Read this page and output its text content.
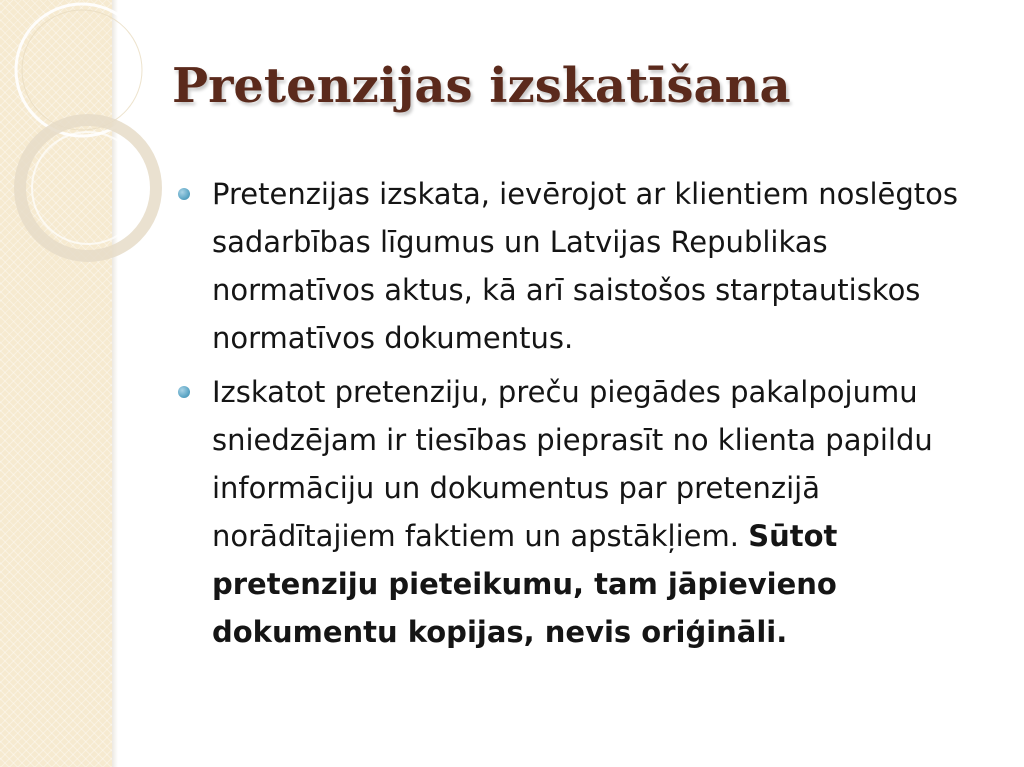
Pretenzijas izskatīšana
Pretenzijas izskata, ievērojot ar klientiem noslēgtos sadarbības līgumus un Latvijas Republikas normatīvos aktus, kā arī saistošos starptautiskos normatīvos dokumentus.
Izskatot pretenziju, preču piegādes pakalpojumu sniedzējam ir tiesības pieprasīt no klienta papildu informāciju un dokumentus par pretenzijā norādītajiem faktiem un apstākļiem. Sūtot pretenziju pieteikumu, tam jāpievieno dokumentu kopijas, nevis oriģināli.
